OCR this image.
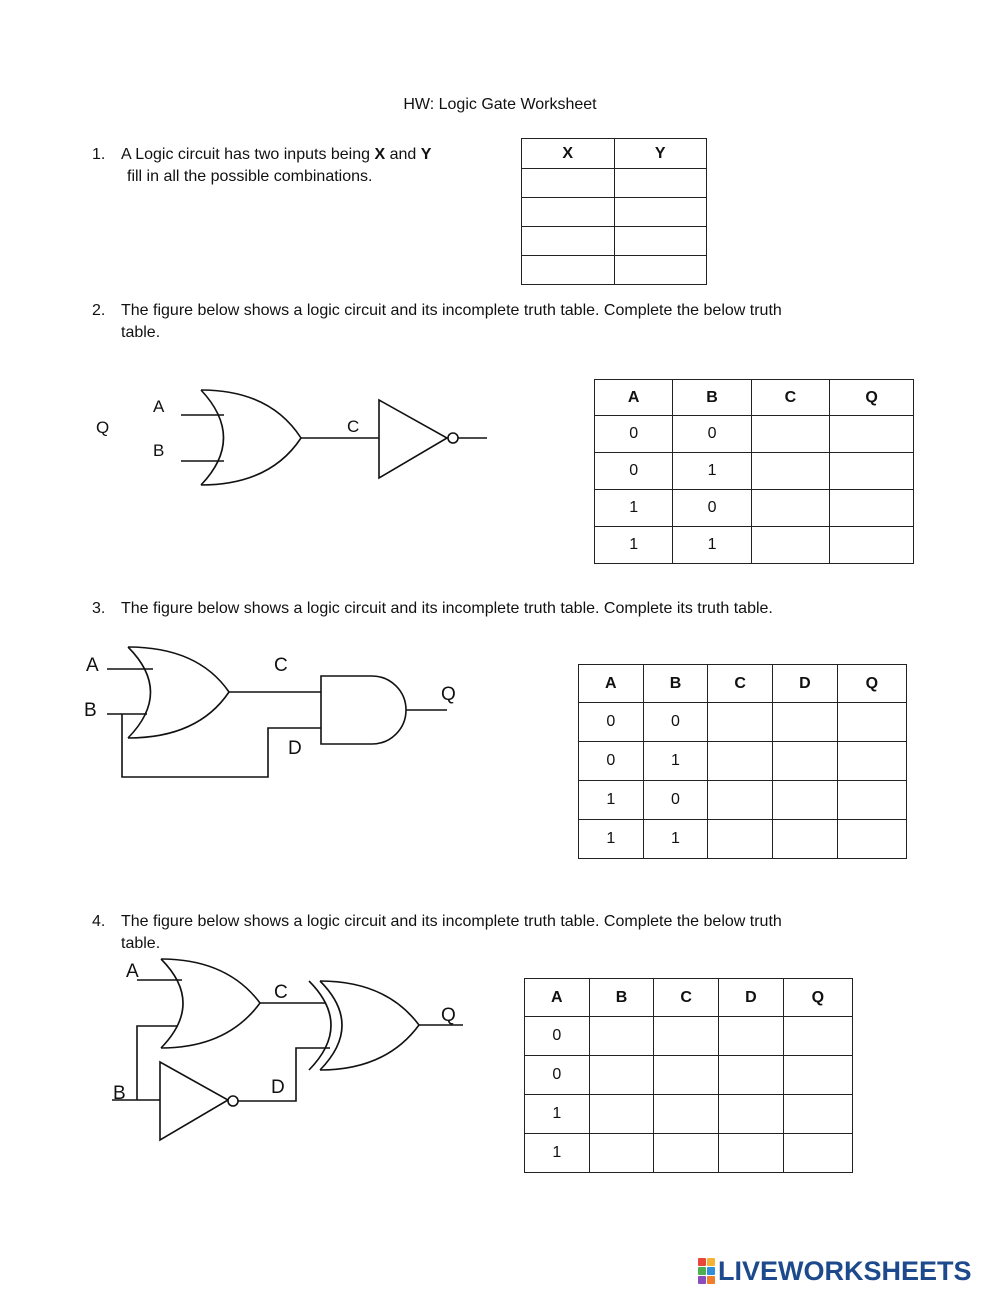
HW: Logic Gate Worksheet
1. A Logic circuit has two inputs being X and Y
fill in all the possible combinations.
X	Y

2. The figure below shows a logic circuit and its incomplete truth table. Complete the below truth
table.
A
B
Q	C
A	B	C	Q
0	0		
0	1		
1	0		
1	1		
3. The figure below shows a logic circuit and its incomplete truth table. Complete its truth table.
A
B
C
D
Q
A	B	C	D	Q
0	0			
0	1			
1	0			
1	1			
4. The figure below shows a logic circuit and its incomplete truth table. Complete the below truth
table.
A
B
C
D
Q
A	B	C	D	Q
0				
0				
1				
1				
LIVEWORKSHEETS
